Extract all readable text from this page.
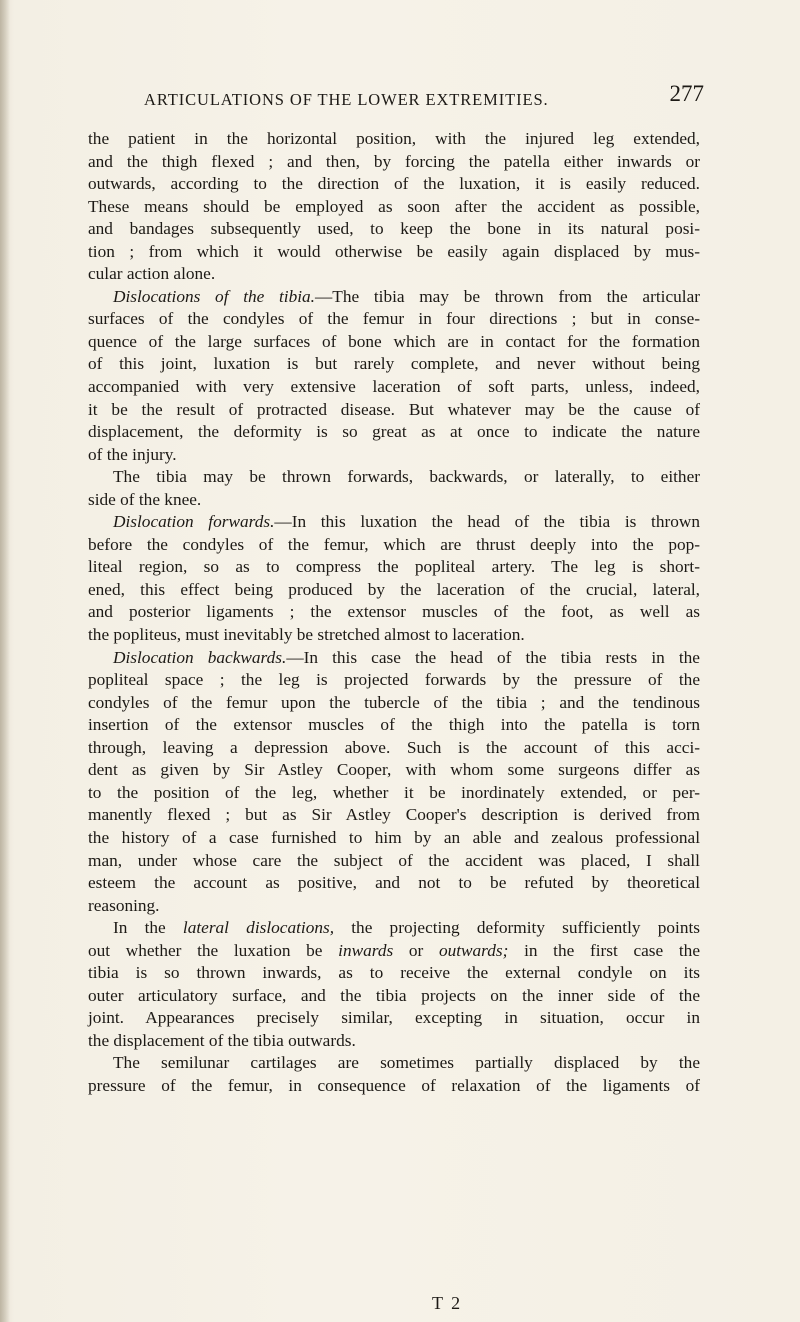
ARTICULATIONS OF THE LOWER EXTREMITIES.	277
the patient in the horizontal position, with the injured leg extended,
and the thigh flexed ; and then, by forcing the patella either inwards or
outwards, according to the direction of the luxation, it is easily reduced.
These means should be employed as soon after the accident as possible,
and bandages subsequently used, to keep the bone in its natural posi-
tion ; from which it would otherwise be easily again displaced by mus-
cular action alone.
Dislocations of the tibia.—The tibia may be thrown from the articular
surfaces of the condyles of the femur in four directions ; but in conse-
quence of the large surfaces of bone which are in contact for the formation
of this joint, luxation is but rarely complete, and never without being
accompanied with very extensive laceration of soft parts, unless, indeed,
it be the result of protracted disease. But whatever may be the cause of
displacement, the deformity is so great as at once to indicate the nature
of the injury.
The tibia may be thrown forwards, backwards, or laterally, to either
side of the knee.
Dislocation forwards.—In this luxation the head of the tibia is thrown
before the condyles of the femur, which are thrust deeply into the pop-
liteal region, so as to compress the popliteal artery. The leg is short-
ened, this effect being produced by the laceration of the crucial, lateral,
and posterior ligaments ; the extensor muscles of the foot, as well as
the popliteus, must inevitably be stretched almost to laceration.
Dislocation backwards.—In this case the head of the tibia rests in the
popliteal space ; the leg is projected forwards by the pressure of the
condyles of the femur upon the tubercle of the tibia ; and the tendinous
insertion of the extensor muscles of the thigh into the patella is torn
through, leaving a depression above. Such is the account of this acci-
dent as given by Sir Astley Cooper, with whom some surgeons differ as
to the position of the leg, whether it be inordinately extended, or per-
manently flexed ; but as Sir Astley Cooper's description is derived from
the history of a case furnished to him by an able and zealous professional
man, under whose care the subject of the accident was placed, I shall
esteem the account as positive, and not to be refuted by theoretical
reasoning.
In the lateral dislocations, the projecting deformity sufficiently points
out whether the luxation be inwards or outwards; in the first case the
tibia is so thrown inwards, as to receive the external condyle on its
outer articulatory surface, and the tibia projects on the inner side of the
joint. Appearances precisely similar, excepting in situation, occur in
the displacement of the tibia outwards.
The semilunar cartilages are sometimes partially displaced by the
pressure of the femur, in consequence of relaxation of the ligaments of
T 2
